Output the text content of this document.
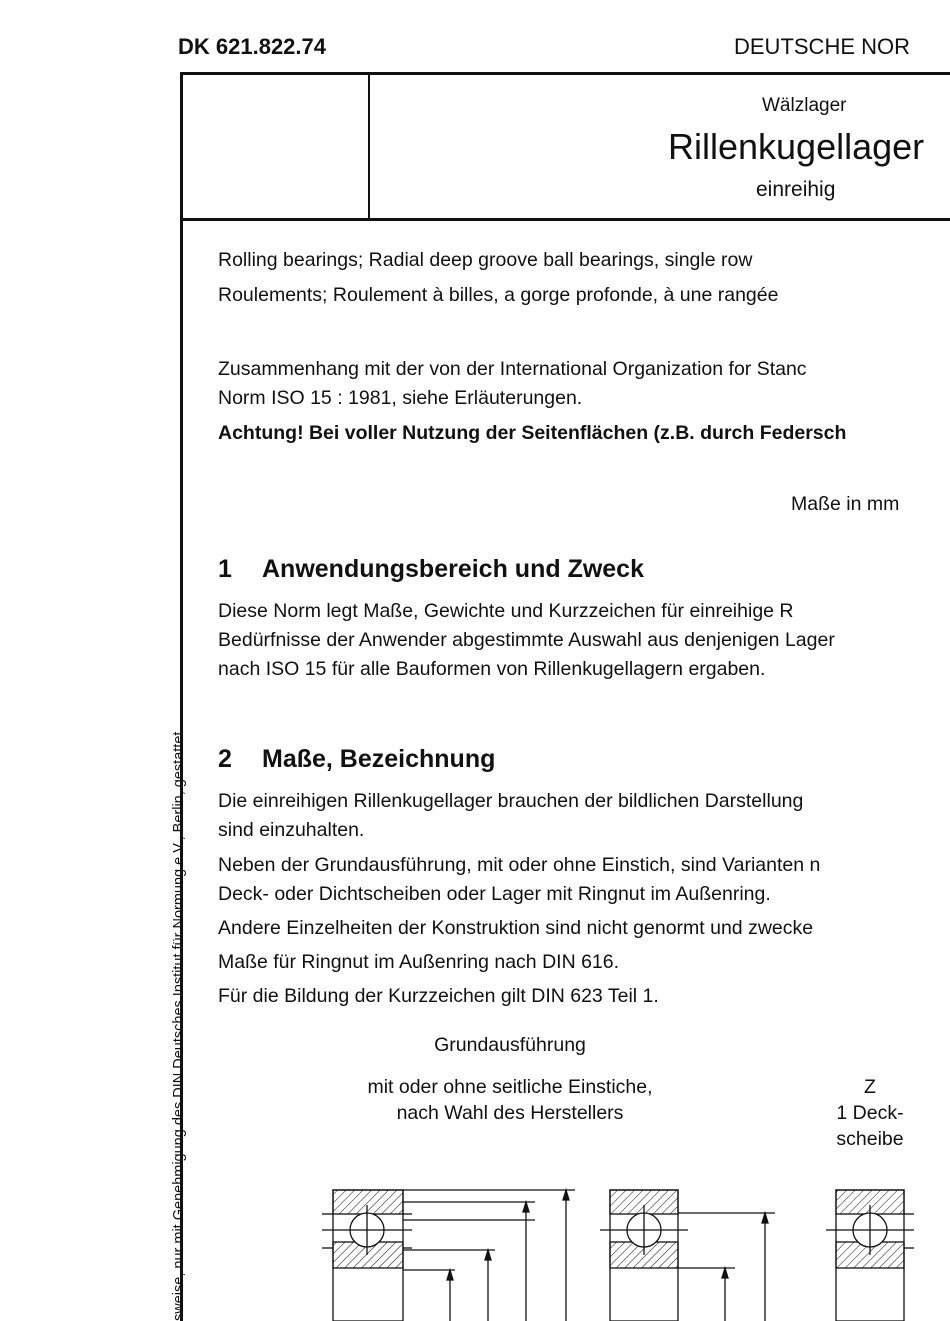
DK 621.822.74	DEUTSCHE NOR
Wälzlager
Rillenkugellager
einreihig
Rolling bearings; Radial deep groove ball bearings, single row
Roulements; Roulement à billes, a gorge profonde, à une rangée
Zusammenhang mit der von der International Organization for Stanc
Norm ISO 15 : 1981, siehe Erläuterungen.
Achtung! Bei voller Nutzung der Seitenflächen (z.B. durch Federsch
Maße in mm
1 Anwendungsbereich und Zweck
Diese Norm legt Maße, Gewichte und Kurzzeichen für einreihige R
Bedürfnisse der Anwender abgestimmte Auswahl aus denjenigen Lager
nach ISO 15 für alle Bauformen von Rillenkugellagern ergaben.
2 Maße, Bezeichnung
Die einreihigen Rillenkugellager brauchen der bildlichen Darstellung
sind einzuhalten.
Neben der Grundausführung, mit oder ohne Einstich, sind Varianten n
Deck- oder Dichtscheiben oder Lager mit Ringnut im Außenring.
Andere Einzelheiten der Konstruktion sind nicht genormt und zwecke
Maße für Ringnut im Außenring nach DIN 616.
Für die Bildung der Kurzzeichen gilt DIN 623 Teil 1.
Grundausführung
mit oder ohne seitliche Einstiche,
nach Wahl des Herstellers
Z
1 Deck-
scheibe
sweise, nur mit Genehmigung des DIN Deutsches Institut für Normung e.V., Berlin, gestattet.
